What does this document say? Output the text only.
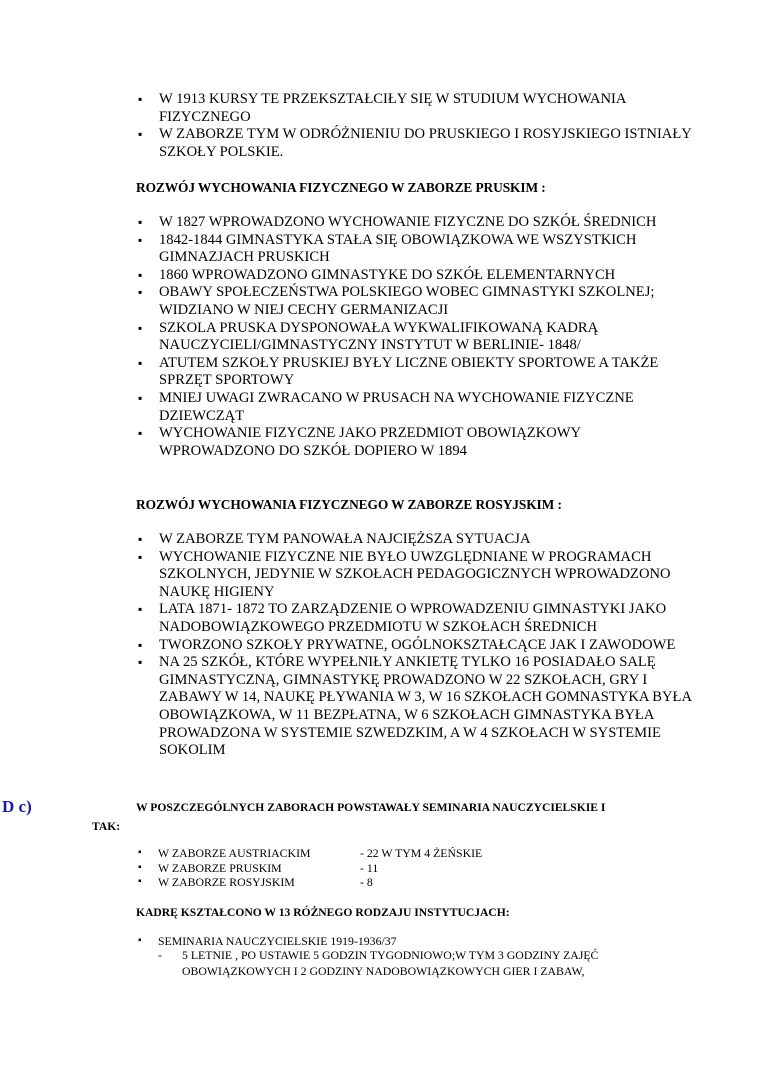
▪ W 1913 KURSY TE PRZEKSZTAŁCIŁY SIĘ W STUDIUM WYCHOWANIA FIZYCZNEGO
▪ W ZABORZE TYM W ODRÓŻNIENIU DO PRUSKIEGO I ROSYJSKIEGO ISTNIAŁY SZKOŁY POLSKIE.
ROZWÓJ WYCHOWANIA FIZYCZNEGO W ZABORZE PRUSKIM :
▪ W 1827 WPROWADZONO WYCHOWANIE FIZYCZNE DO SZKÓŁ ŚREDNICH
▪ 1842-1844 GIMNASTYKA STAŁA SIĘ OBOWIĄZKOWA WE WSZYSTKICH GIMNAZJACH PRUSKICH
▪ 1860 WPROWADZONO GIMNASTYKE DO SZKÓŁ ELEMENTARNYCH
▪ OBAWY SPOŁECZEŃSTWA POLSKIEGO WOBEC GIMNASTYKI SZKOLNEJ; WIDZIANO W NIEJ CECHY GERMANIZACJI
▪ SZKOLA PRUSKA DYSPONOWAŁA WYKWALIFIKOWANĄ KADRĄ NAUCZYCIELI/GIMNASTYCZNY INSTYTUT W BERLINIE- 1848/
▪ ATUTEM SZKOŁY PRUSKIEJ BYŁY LICZNE OBIEKTY SPORTOWE A TAKŻE SPRZĘT SPORTOWY
▪ MNIEJ UWAGI ZWRACANO W PRUSACH NA WYCHOWANIE FIZYCZNE DZIEWCZĄT
▪ WYCHOWANIE FIZYCZNE JAKO PRZEDMIOT OBOWIĄZKOWY WPROWADZONO DO SZKÓŁ DOPIERO W 1894
ROZWÓJ WYCHOWANIA FIZYCZNEGO W ZABORZE ROSYJSKIM :
▪ W ZABORZE TYM PANOWAŁA NAJCIĘŻSZA SYTUACJA
▪ WYCHOWANIE FIZYCZNE NIE BYŁO UWZGLĘDNIANE W PROGRAMACH SZKOLNYCH, JEDYNIE W SZKOŁACH PEDAGOGICZNYCH WPROWADZONO NAUKĘ HIGIENY
▪ LATA 1871- 1872 TO ZARZĄDZENIE O WPROWADZENIU GIMNASTYKI JAKO NADOBOWIĄZKOWEGO PRZEDMIOTU W SZKOŁACH ŚREDNICH
▪ TWORZONO SZKOŁY PRYWATNE, OGÓLNOKSZTAŁCĄCE JAK I ZAWODOWE
▪ NA 25 SZKÓŁ, KTÓRE WYPEŁNIŁY ANKIETĘ TYLKO 16 POSIADAŁO SALĘ GIMNASTYCZNĄ, GIMNASTYKĘ PROWADZONO W 22 SZKOŁACH, GRY I ZABAWY W 14, NAUKĘ PŁYWANIA W 3, W 16 SZKOŁACH GOMNASTYKA BYŁA OBOWIĄZKOWA, W 11 BEZPŁATNA, W 6 SZKOŁACH GIMNASTYKA BYŁA PROWADZONA W SYSTEMIE SZWEDZKIM, A W 4 SZKOŁACH W SYSTEMIE SOKOLIM
D c)	W POSZCZEGÓLNYCH ZABORACH POWSTAWAŁY SEMINARIA NAUCZYCIELSKIE I
TAK:
▪ W ZABORZE AUSTRIACKIM	- 22 W TYM 4 ŻEŃSKIE
▪ W ZABORZE PRUSKIM	- 11
▪ W ZABORZE ROSYJSKIM	- 8
KADRĘ KSZTAŁCONO W 13 RÓŻNEGO RODZAJU INSTYTUCJACH:
▪ SEMINARIA NAUCZYCIELSKIE 1919-1936/37
-	5 LETNIE , PO USTAWIE 5 GODZIN TYGODNIOWO;W TYM 3 GODZINY ZAJĘĆ OBOWIĄZKOWYCH I 2 GODZINY NADOBOWIĄZKOWYCH GIER I ZABAW,
